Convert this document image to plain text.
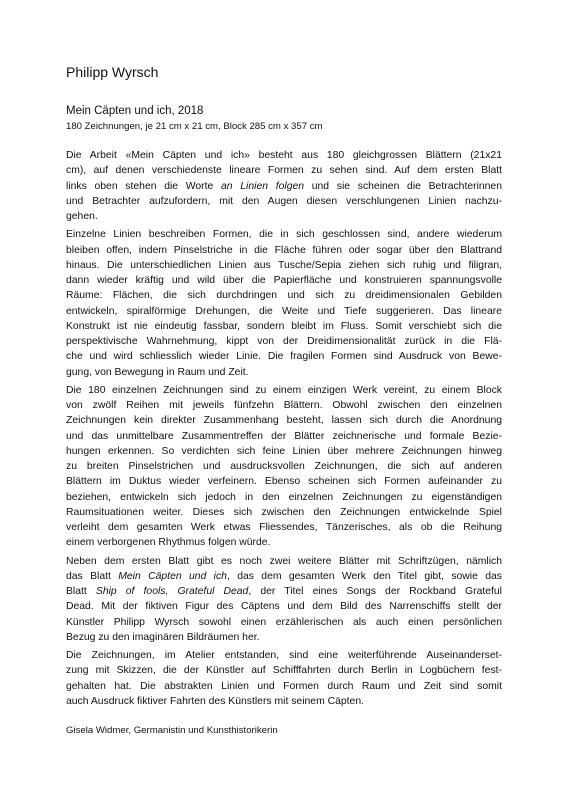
Philipp Wyrsch
Mein Cäpten und ich, 2018

180 Zeichnungen, je 21 cm x 21 cm, Block 285 cm x 357 cm

Die Arbeit «Mein Cäpten und ich» besteht aus 180 gleichgrossen Blättern (21x21
cm), auf denen verschiedenste lineare Formen zu sehen sind. Auf dem ersten Blatt
links oben stehen die Worte an Linien folgen und sie scheinen die Betrachterinnen
und Betrachter aufzufordern, mit den Augen diesen verschlungenen Linien nachzu-
gehen.

Einzelne Linien beschreiben Formen, die in sich geschlossen sind, andere wiederum
bleiben offen, indem Pinselstriche in die Fläche führen oder sogar über den Blattrand
hinaus. Die unterschiedlichen Linien aus Tusche/Sepia ziehen sich ruhig und filigran,
dann wieder kräftig und wild über die Papierfläche und konstruieren spannungsvolle
Räume: Flächen, die sich durchdringen und sich zu dreidimensionalen Gebilden
entwickeln, spiralförmige Drehungen, die Weite und Tiefe suggerieren. Das lineare
Konstrukt ist nie eindeutig fassbar, sondern bleibt im Fluss. Somit verschiebt sich die
perspektivische Wahrnehmung, kippt von der Dreidimensionalität zurück in die Flä-
che und wird schliesslich wieder Linie. Die fragilen Formen sind Ausdruck von Bewe-
gung, von Bewegung in Raum und Zeit.

Die 180 einzelnen Zeichnungen sind zu einem einzigen Werk vereint, zu einem Block
von zwölf Reihen mit jeweils fünfzehn Blättern. Obwohl zwischen den einzelnen
Zeichnungen kein direkter Zusammenhang besteht, lassen sich durch die Anordnung
und das unmittelbare Zusammentreffen der Blätter zeichnerische und formale Bezie-
hungen erkennen. So verdichten sich feine Linien über mehrere Zeichnungen hinweg
zu breiten Pinselstrichen und ausdrucksvollen Zeichnungen, die sich auf anderen
Blättern im Duktus wieder verfeinern. Ebenso scheinen sich Formen aufeinander zu
beziehen, entwickeln sich jedoch in den einzelnen Zeichnungen zu eigenständigen
Raumsituationen weiter. Dieses sich zwischen den Zeichnungen entwickelnde Spiel
verleiht dem gesamten Werk etwas Fliessendes, Tänzerisches, als ob die Reihung
einem verborgenen Rhythmus folgen würde.

Neben dem ersten Blatt gibt es noch zwei weitere Blätter mit Schriftzügen, nämlich
das Blatt Mein Cäpten und ich, das dem gesamten Werk den Titel gibt, sowie das
Blatt Ship of fools, Grateful Dead, der Titel eines Songs der Rockband Grateful
Dead. Mit der fiktiven Figur des Cäptens und dem Bild des Narrenschiffs stellt der
Künstler Philipp Wyrsch sowohl einen erzählerischen als auch einen persönlichen
Bezug zu den imaginären Bildräumen her.

Die Zeichnungen, im Atelier entstanden, sind eine weiterführende Auseinanderset-
zung mit Skizzen, die der Künstler auf Schifffahrten durch Berlin in Logbüchern fest-
gehalten hat. Die abstrakten Linien und Formen durch Raum und Zeit sind somit
auch Ausdruck fiktiver Fahrten des Künstlers mit seinem Cäpten.

Gisela Widmer, Germanistin und Kunsthistorikerin
